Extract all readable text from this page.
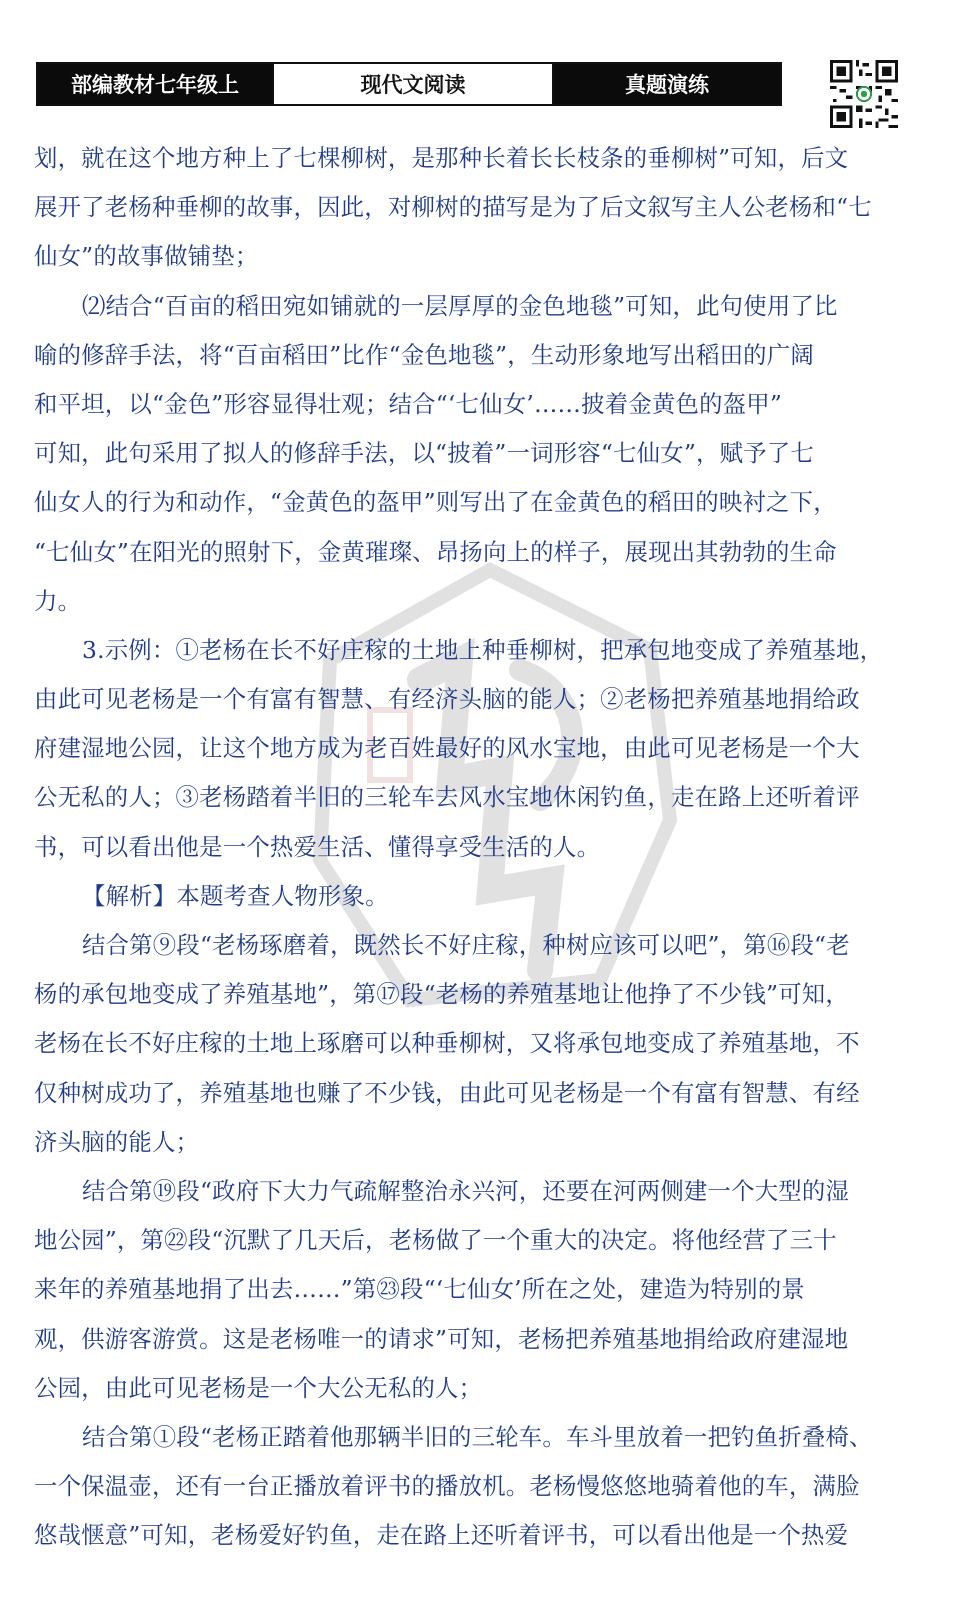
部编教材七年级上	现代文阅读	真题演练
划，就在这个地方种上了七棵柳树，是那种长着长长枝条的垂柳树”可知，后文
展开了老杨种垂柳的故事，因此，对柳树的描写是为了后文叙写主人公老杨和“七
仙女”的故事做铺垫；
⑵结合“百亩的稻田宛如铺就的一层厚厚的金色地毯”可知，此句使用了比
喻的修辞手法，将“百亩稻田”比作“金色地毯”，生动形象地写出稻田的广阔
和平坦，以“金色”形容显得壮观；结合“‘七仙女’……披着金黄色的盔甲”
可知，此句采用了拟人的修辞手法，以“披着”一词形容“七仙女”，赋予了七
仙女人的行为和动作，“金黄色的盔甲”则写出了在金黄色的稻田的映衬之下，
“七仙女”在阳光的照射下，金黄璀璨、昂扬向上的样子，展现出其勃勃的生命
力。
3.示例：①老杨在长不好庄稼的土地上种垂柳树，把承包地变成了养殖基地，
由此可见老杨是一个有富有智慧、有经济头脑的能人；②老杨把养殖基地捐给政
府建湿地公园，让这个地方成为老百姓最好的风水宝地，由此可见老杨是一个大
公无私的人；③老杨踏着半旧的三轮车去风水宝地休闲钓鱼，走在路上还听着评
书，可以看出他是一个热爱生活、懂得享受生活的人。
【解析】本题考查人物形象。
结合第⑨段“老杨琢磨着，既然长不好庄稼，种树应该可以吧”，第⑯段“老
杨的承包地变成了养殖基地”，第⑰段“老杨的养殖基地让他挣了不少钱”可知，
老杨在长不好庄稼的土地上琢磨可以种垂柳树，又将承包地变成了养殖基地，不
仅种树成功了，养殖基地也赚了不少钱，由此可见老杨是一个有富有智慧、有经
济头脑的能人；
结合第⑲段“政府下大力气疏解整治永兴河，还要在河两侧建一个大型的湿
地公园”，第㉒段“沉默了几天后，老杨做了一个重大的决定。将他经营了三十
来年的养殖基地捐了出去……”第㉓段“‘七仙女’所在之处，建造为特别的景
观，供游客游赏。这是老杨唯一的请求”可知，老杨把养殖基地捐给政府建湿地
公园，由此可见老杨是一个大公无私的人；
结合第①段“老杨正踏着他那辆半旧的三轮车。车斗里放着一把钓鱼折叠椅、
一个保温壶，还有一台正播放着评书的播放机。老杨慢悠悠地骑着他的车，满脸
悠哉惬意”可知，老杨爱好钓鱼，走在路上还听着评书，可以看出他是一个热爱
